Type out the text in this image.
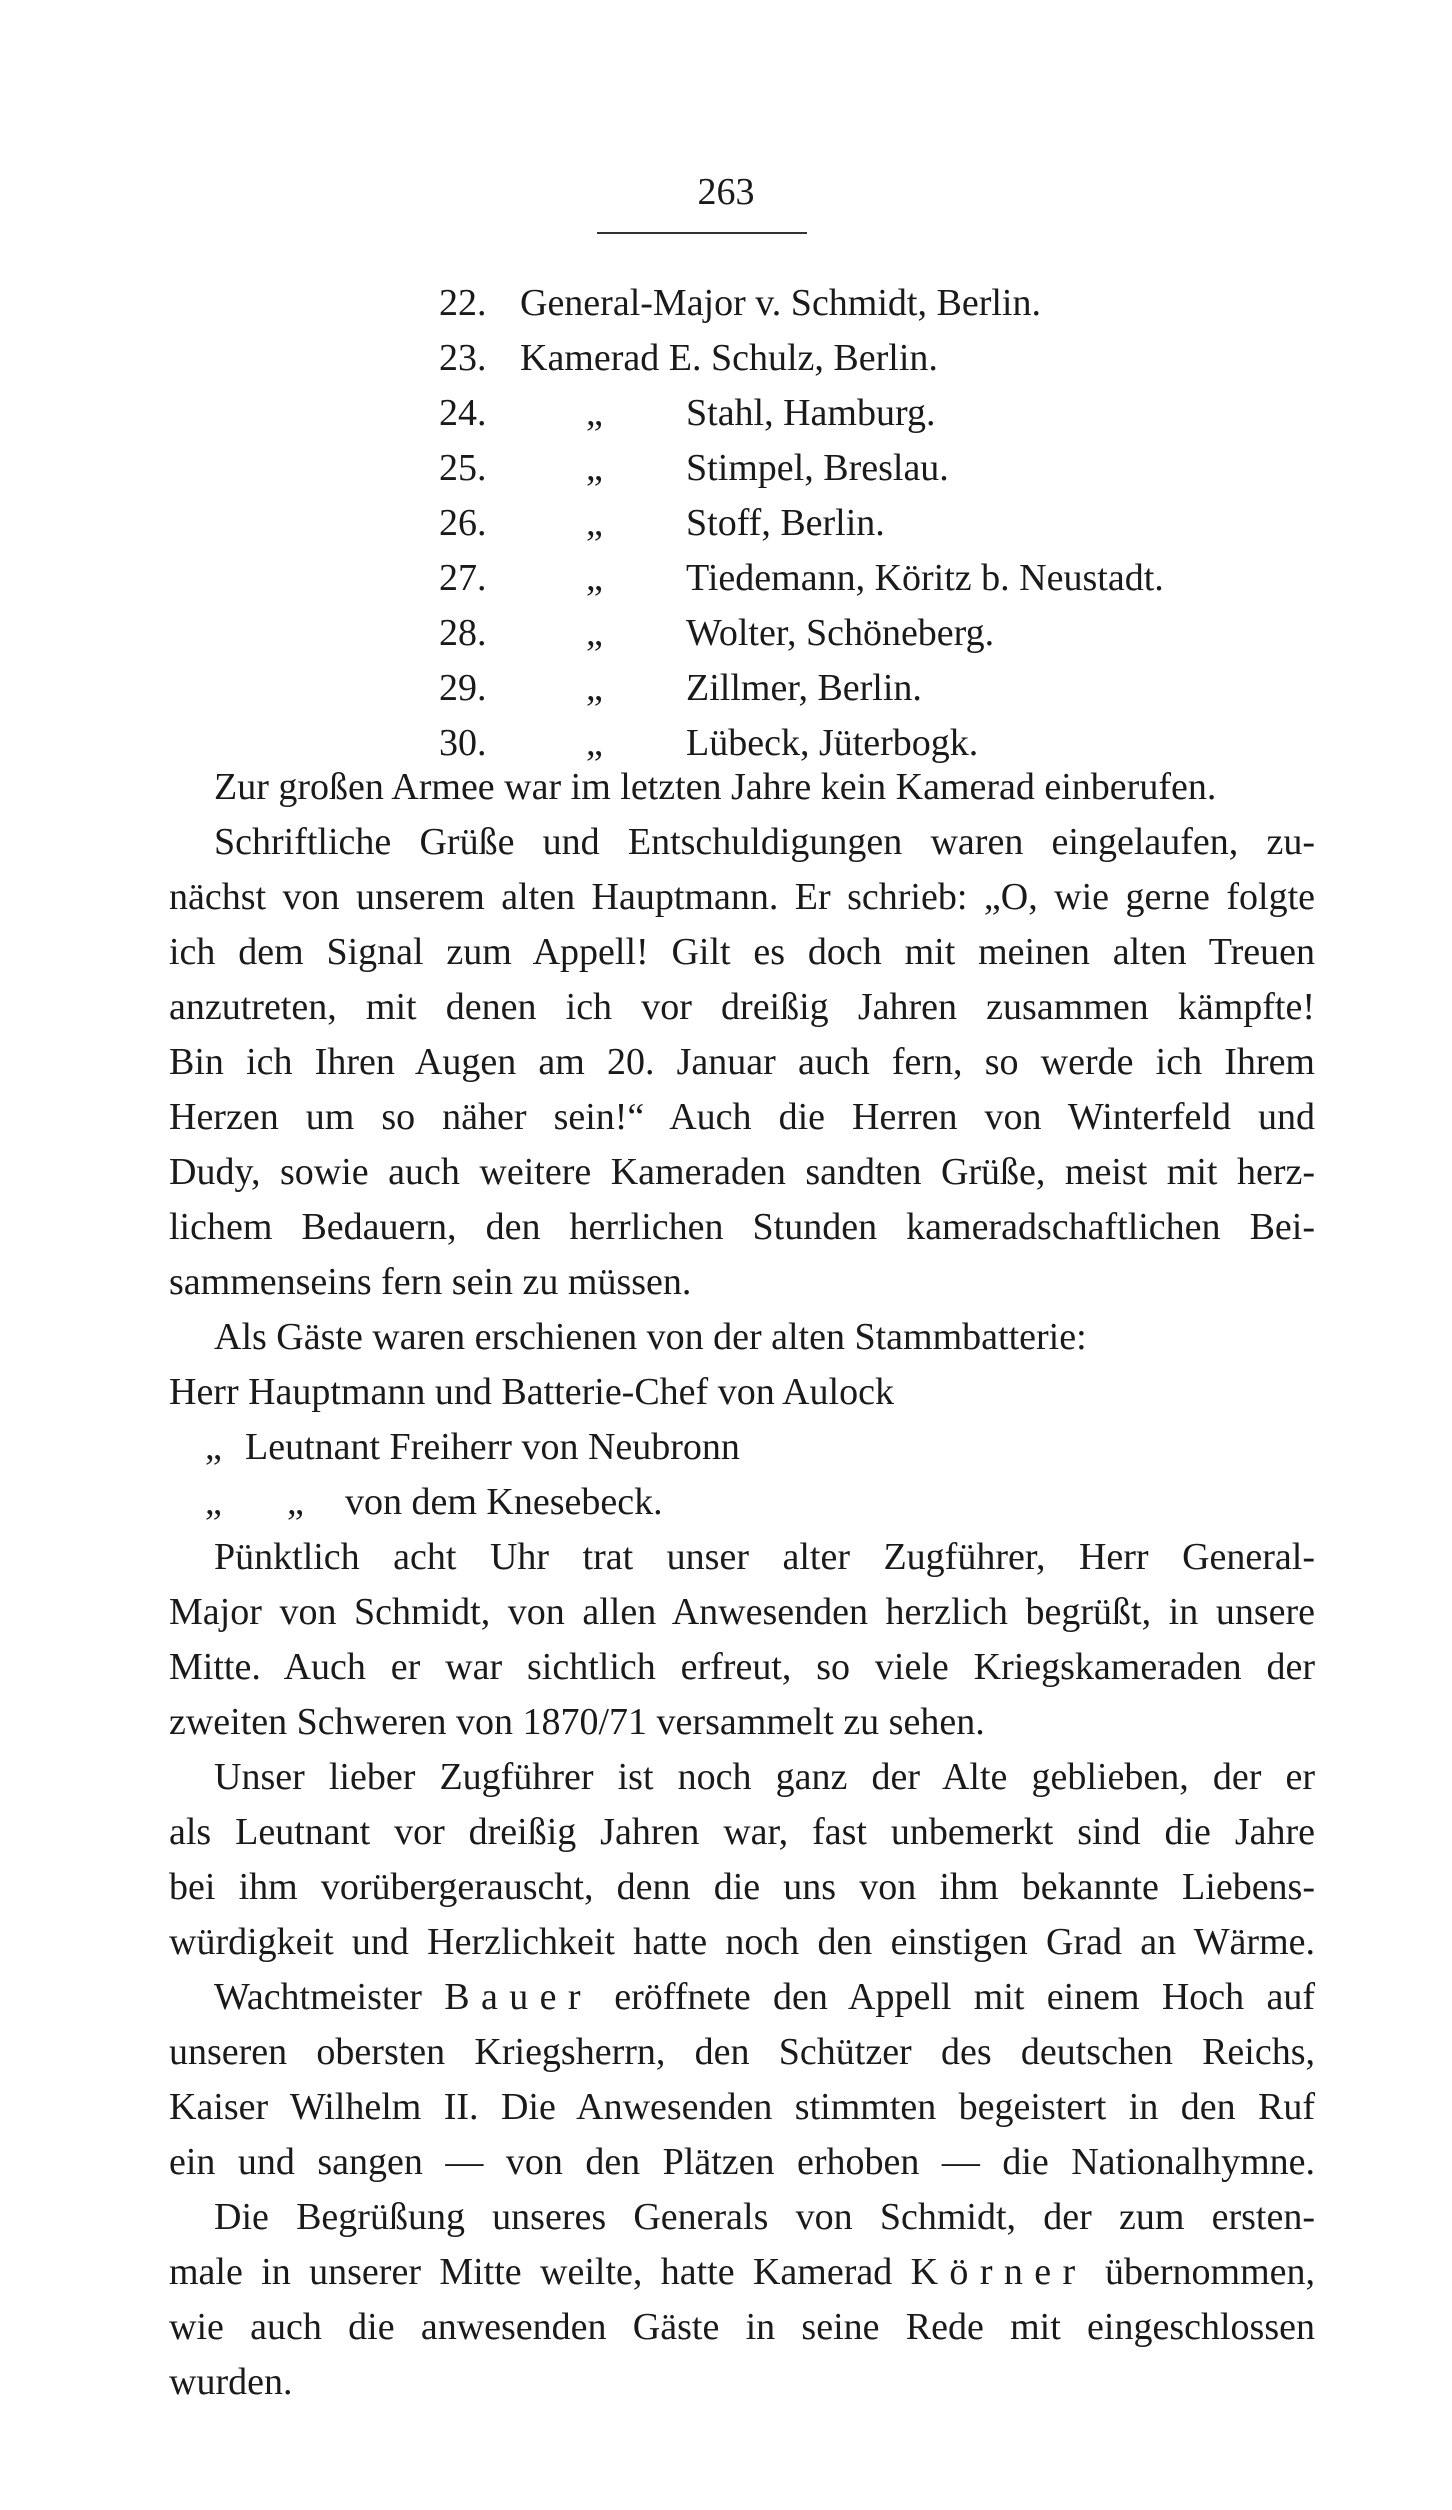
263
22. General-Major v. Schmidt, Berlin.
23. Kamerad E. Schulz, Berlin.
24.	„ Stahl, Hamburg.
25.	„ Stimpel, Breslau.
26.	„ Stoff, Berlin.
27.	„ Tiedemann, Köritz b. Neustadt.
28.	„ Wolter, Schöneberg.
29.	„ Zillmer, Berlin.
30.	„ Lübeck, Jüterbogk.
Zur großen Armee war im letzten Jahre kein Kamerad einberufen.
Schriftliche Grüße und Entschuldigungen waren eingelaufen, zu-
nächst von unserem alten Hauptmann. Er schrieb: „O, wie gerne folgte
ich dem Signal zum Appell! Gilt es doch mit meinen alten Treuen
anzutreten, mit denen ich vor dreißig Jahren zusammen kämpfte!
Bin ich Ihren Augen am 20. Januar auch fern, so werde ich Ihrem
Herzen um so näher sein!“ Auch die Herren von Winterfeld und
Dudy, sowie auch weitere Kameraden sandten Grüße, meist mit herz-
lichem Bedauern, den herrlichen Stunden kameradschaftlichen Bei-
sammenseins fern sein zu müssen.
Als Gäste waren erschienen von der alten Stammbatterie:
Herr Hauptmann und Batterie-Chef von Aulock
„ Leutnant Freiherr von Neubronn
„ „ von dem Knesebeck.
Pünktlich acht Uhr trat unser alter Zugführer, Herr General-
Major von Schmidt, von allen Anwesenden herzlich begrüßt, in unsere
Mitte. Auch er war sichtlich erfreut, so viele Kriegskameraden der
zweiten Schweren von 1870/71 versammelt zu sehen.
Unser lieber Zugführer ist noch ganz der Alte geblieben, der er
als Leutnant vor dreißig Jahren war, fast unbemerkt sind die Jahre
bei ihm vorübergerauscht, denn die uns von ihm bekannte Liebens-
würdigkeit und Herzlichkeit hatte noch den einstigen Grad an Wärme.
Wachtmeister Bauer eröffnete den Appell mit einem Hoch auf
unseren obersten Kriegsherrn, den Schützer des deutschen Reichs,
Kaiser Wilhelm II. Die Anwesenden stimmten begeistert in den Ruf
ein und sangen — von den Plätzen erhoben — die Nationalhymne.
Die Begrüßung unseres Generals von Schmidt, der zum ersten-
male in unserer Mitte weilte, hatte Kamerad Körner übernommen,
wie auch die anwesenden Gäste in seine Rede mit eingeschlossen
wurden.
